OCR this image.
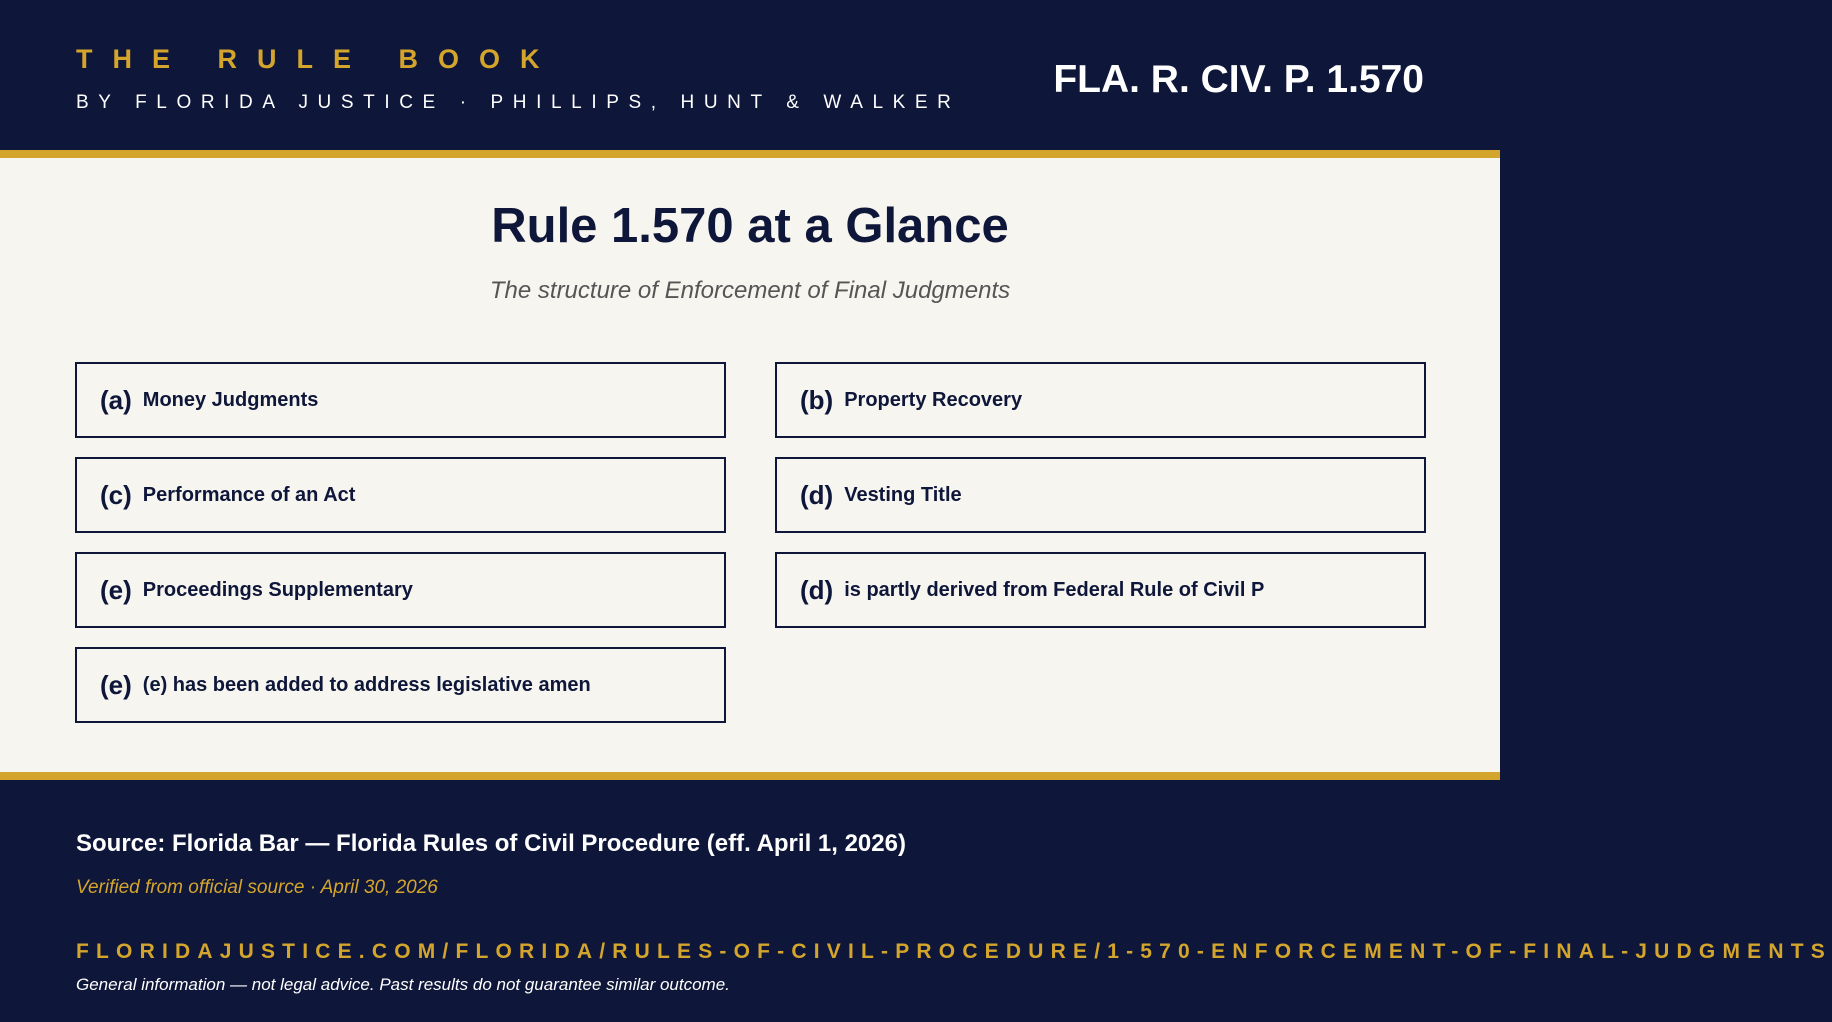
THE RULE BOOK
BY FLORIDA JUSTICE · PHILLIPS, HUNT & WALKER
FLA. R. CIV. P. 1.570
Rule 1.570 at a Glance
The structure of Enforcement of Final Judgments
(a) Money Judgments	(b) Property Recovery
(c) Performance of an Act	(d) Vesting Title
(e) Proceedings Supplementary	(d) is partly derived from Federal Rule of Civil P
(e) (e) has been added to address legislative amen
Source: Florida Bar — Florida Rules of Civil Procedure (eff. April 1, 2026)
Verified from official source · April 30, 2026
FLORIDAJUSTICE.COM/FLORIDA/RULES-OF-CIVIL-PROCEDURE/1-570-ENFORCEMENT-OF-FINAL-JUDGMENTS
General information — not legal advice. Past results do not guarantee similar outcome.
